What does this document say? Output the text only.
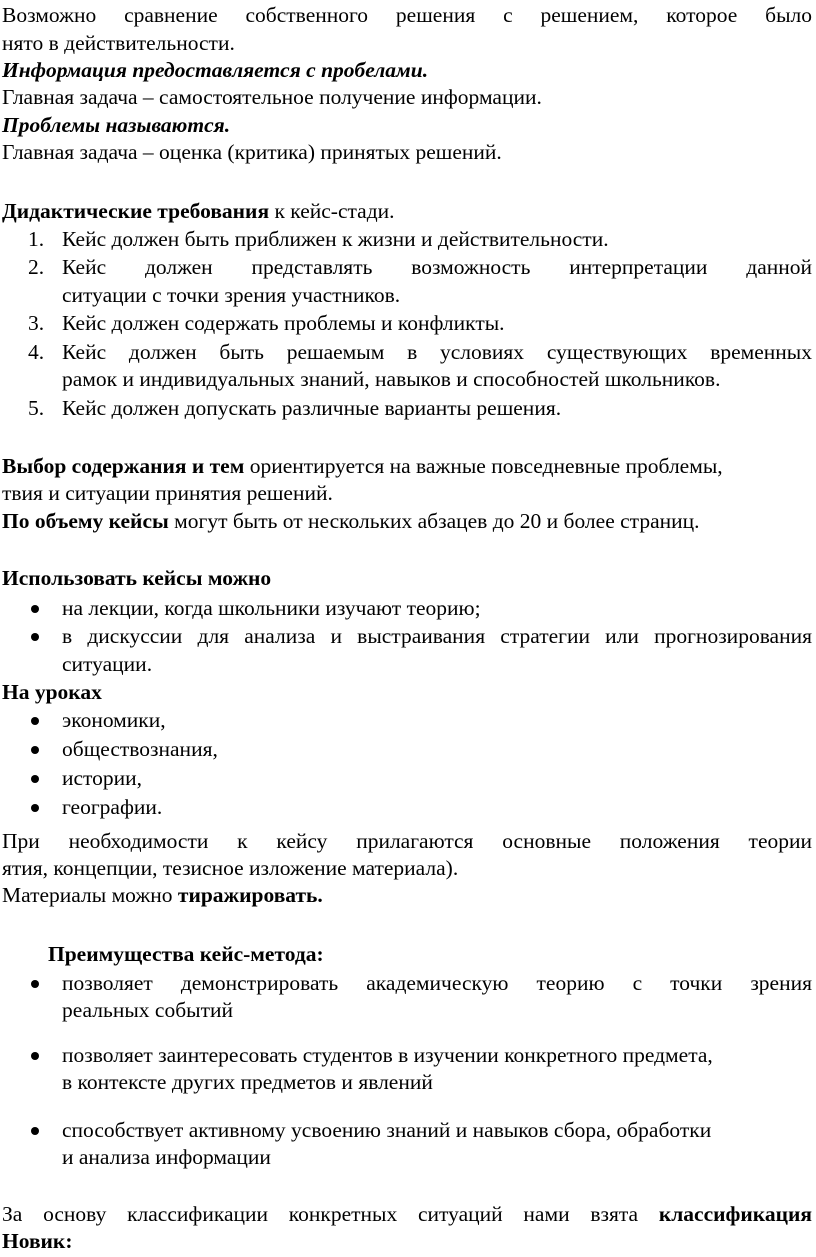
Возможно сравнение собственного решения с решением, которое было
нято в действительности.
Информация предоставляется с пробелами.
Главная задача – самостоятельное получение информации.
Проблемы называются.
Главная задача – оценка (критика) принятых решений.
Дидактические требования к кейс-стади.
1. Кейс должен быть приближен к жизни и действительности.
2. Кейс должен представлять возможность интерпретации данной
ситуации с точки зрения участников.
3. Кейс должен содержать проблемы и конфликты.
4. Кейс должен быть решаемым в условиях существующих временных
рамок и индивидуальных знаний, навыков и способностей школьников.
5. Кейс должен допускать различные варианты решения.
Выбор содержания и тем ориентируется на важные повседневные проблемы,
твия и ситуации принятия решений.
По объему кейсы могут быть от нескольких абзацев до 20 и более страниц.
Использовать кейсы можно
на лекции, когда школьники изучают теорию;
в дискуссии для анализа и выстраивания стратегии или прогнозирования
ситуации.
На уроках
экономики,
обществознания,
истории,
географии.
При необходимости к кейсу прилагаются основные положения теории
ятия, концепции, тезисное изложение материала).
Материалы можно тиражировать.
Преимущества кейс-метода:
позволяет демонстрировать академическую теорию с точки зрения
реальных событий
позволяет заинтересовать студентов в изучении конкретного предмета,
в контексте других предметов и явлений
способствует активному усвоению знаний и навыков сбора, обработки
и анализа информации
За основу классификации конкретных ситуаций нами взята классификация
Новик:
